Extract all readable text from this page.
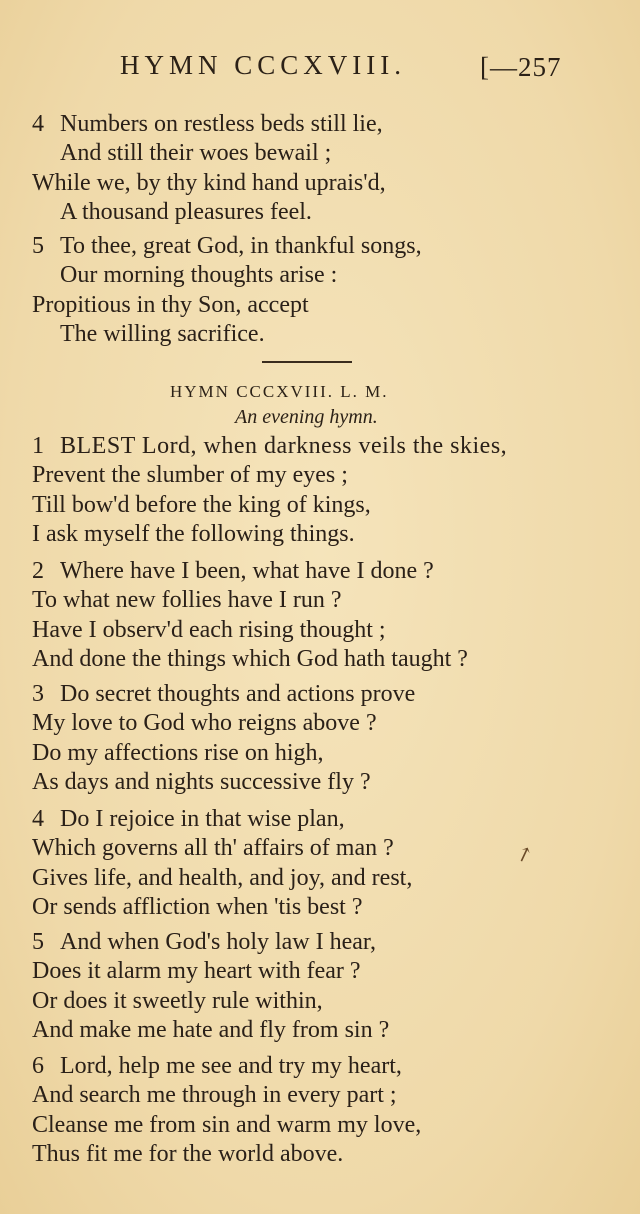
HYMN CCCXVIII.	[—257
4 Numbers on restless beds still lie,
And still their woes bewail ;
While we, by thy kind hand uprais'd,
A thousand pleasures feel.
5 To thee, great God, in thankful songs,
Our morning thoughts arise :
Propitious in thy Son, accept
The willing sacrifice.
HYMN CCCXVIII. L. M.
An evening hymn.
1 BLEST Lord, when darkness veils the skies,
Prevent the slumber of my eyes ;
Till bow'd before the king of kings,
I ask myself the following things.
2 Where have I been, what have I done ?
To what new follies have I run ?
Have I observ'd each rising thought ;
And done the things which God hath taught ?
3 Do secret thoughts and actions prove
My love to God who reigns above ?
Do my affections rise on high,
As days and nights successive fly ?
4 Do I rejoice in that wise plan,
Which governs all th' affairs of man ?
Gives life, and health, and joy, and rest,
Or sends affliction when 'tis best ?
↗
5 And when God's holy law I hear,
Does it alarm my heart with fear ?
Or does it sweetly rule within,
And make me hate and fly from sin ?
6 Lord, help me see and try my heart,
And search me through in every part ;
Cleanse me from sin and warm my love,
Thus fit me for the world above.
